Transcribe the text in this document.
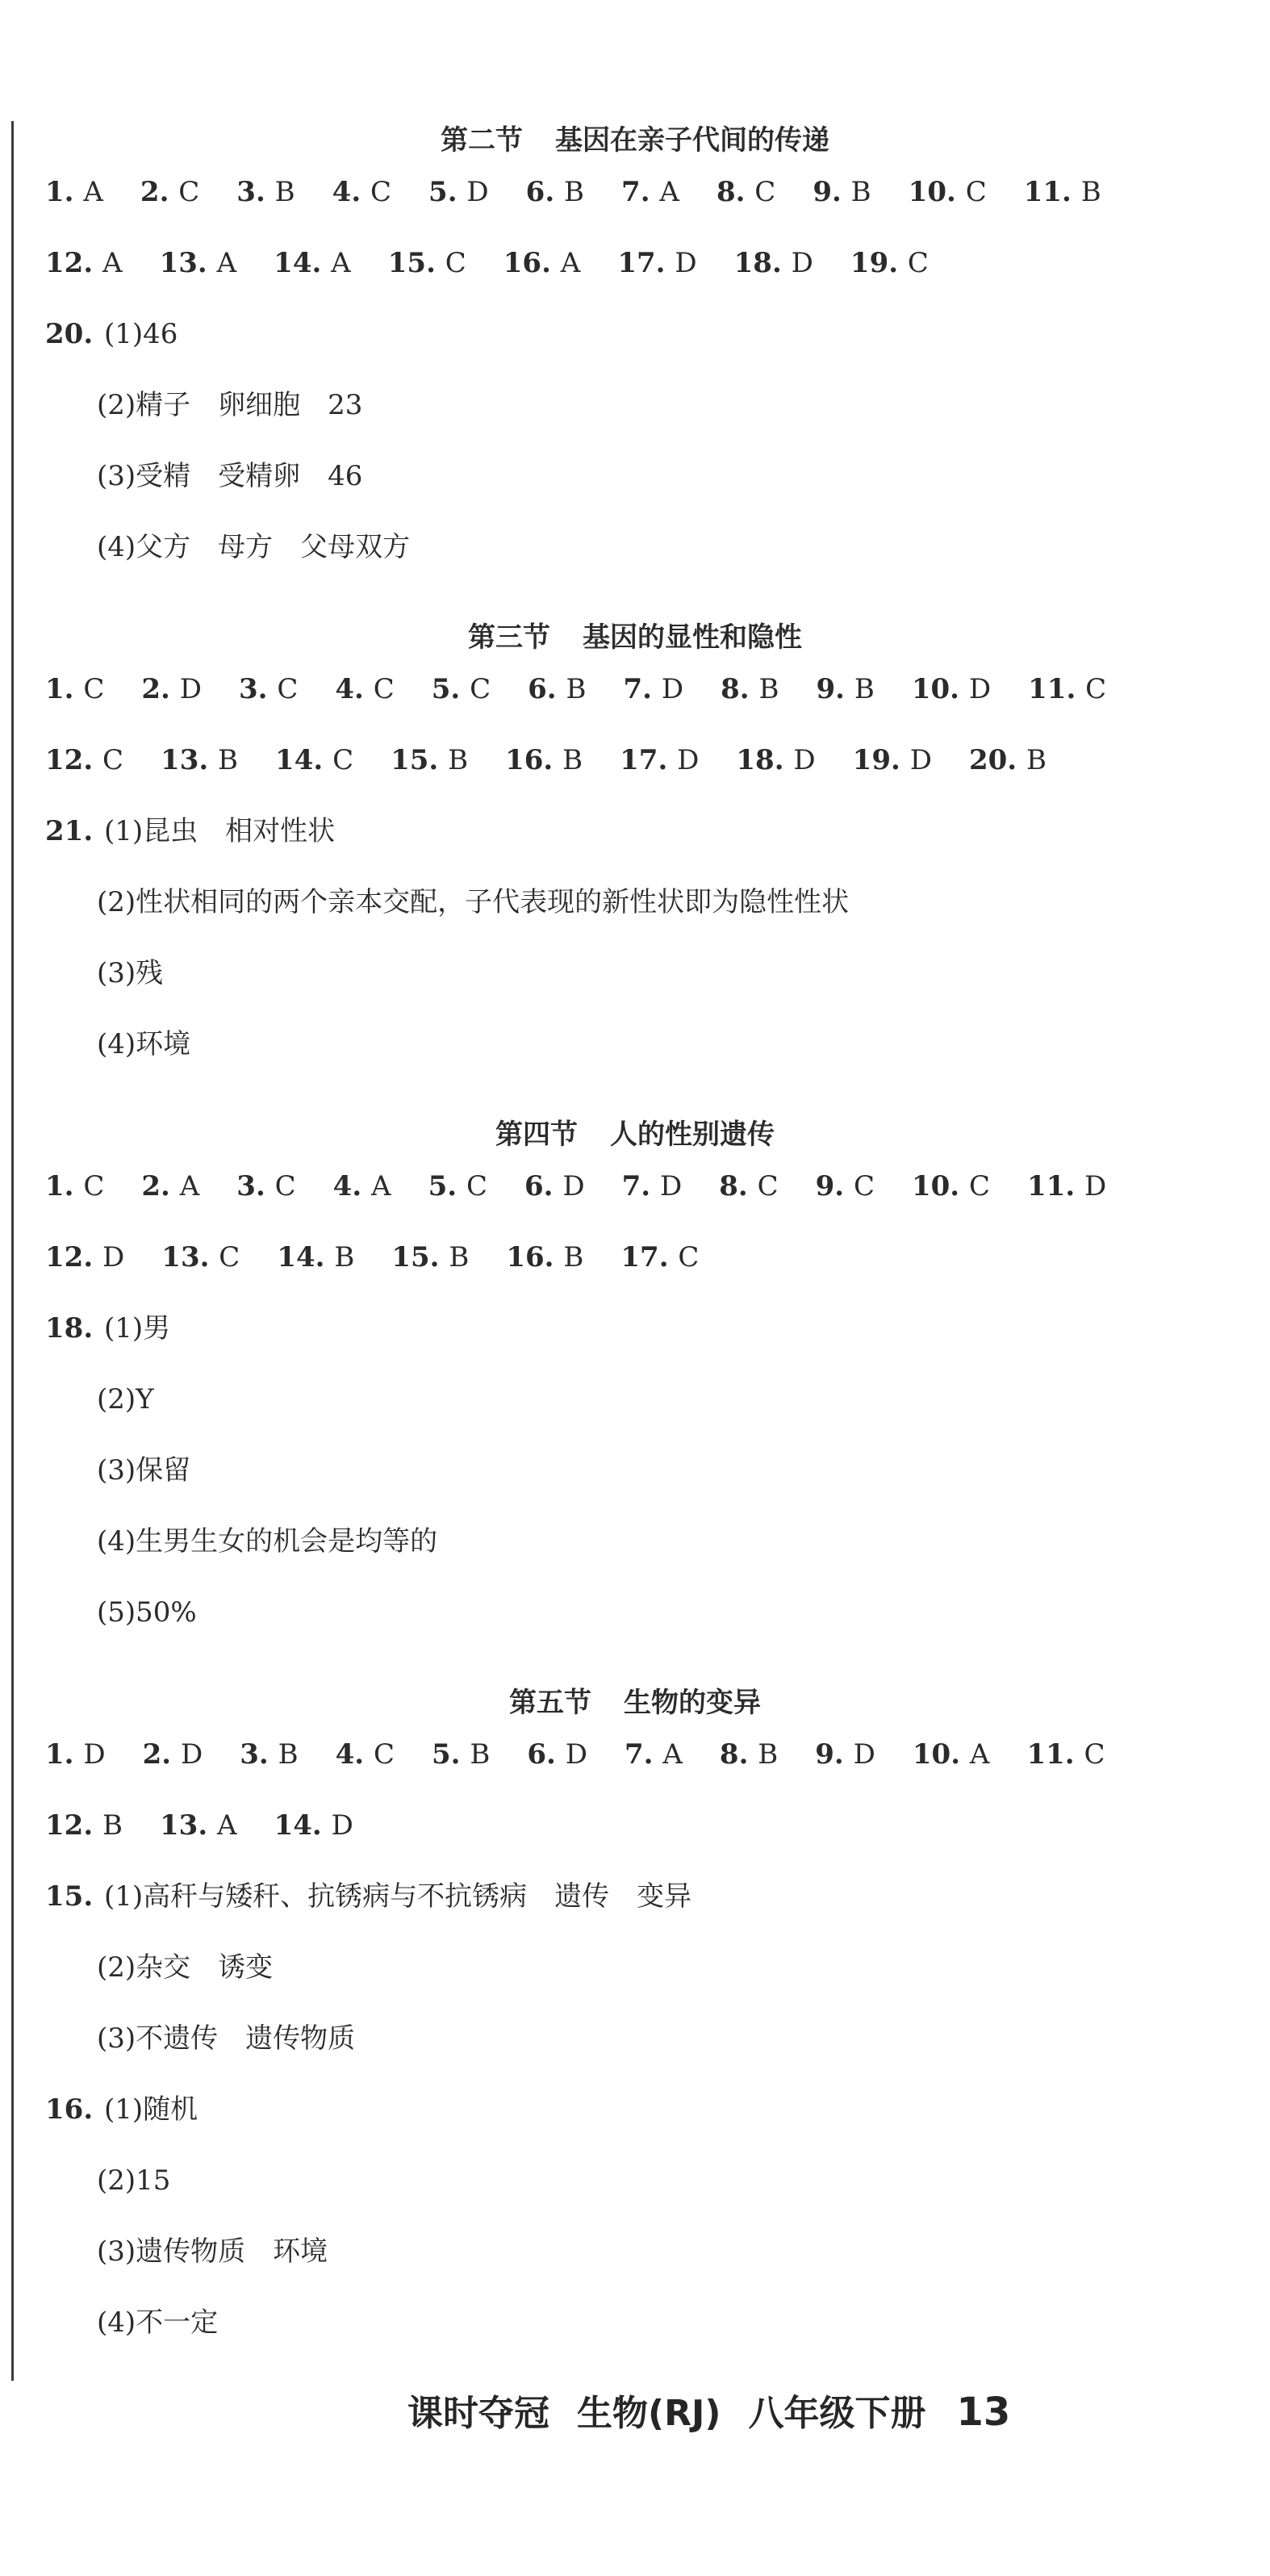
第二节 基因在亲子代间的传递
1. A 2. C 3. B 4. C 5. D 6. B 7. A 8. C 9. B 10. C 11. B
12. A 13. A 14. A 15. C 16. A 17. D 18. D 19. C
20. (1)46
(2)精子　卵细胞　23
(3)受精　受精卵　46
(4)父方　母方　父母双方
第三节 基因的显性和隐性
1. C 2. D 3. C 4. C 5. C 6. B 7. D 8. B 9. B 10. D 11. C
12. C 13. B 14. C 15. B 16. B 17. D 18. D 19. D 20. B
21. (1)昆虫　相对性状
(2)性状相同的两个亲本交配，子代表现的新性状即为隐性性状
(3)残
(4)环境
第四节 人的性别遗传
1. C 2. A 3. C 4. A 5. C 6. D 7. D 8. C 9. C 10. C 11. D
12. D 13. C 14. B 15. B 16. B 17. C
18. (1)男
(2)Y
(3)保留
(4)生男生女的机会是均等的
(5)50%
第五节 生物的变异
1. D 2. D 3. B 4. C 5. B 6. D 7. A 8. B 9. D 10. A 11. C
12. B 13. A 14. D
15. (1)高秆与矮秆、抗锈病与不抗锈病　遗传　变异
(2)杂交　诱变
(3)不遗传　遗传物质
16. (1)随机
(2)15
(3)遗传物质　环境
(4)不一定
课时夺冠 生物(RJ) 八年级下册 13
